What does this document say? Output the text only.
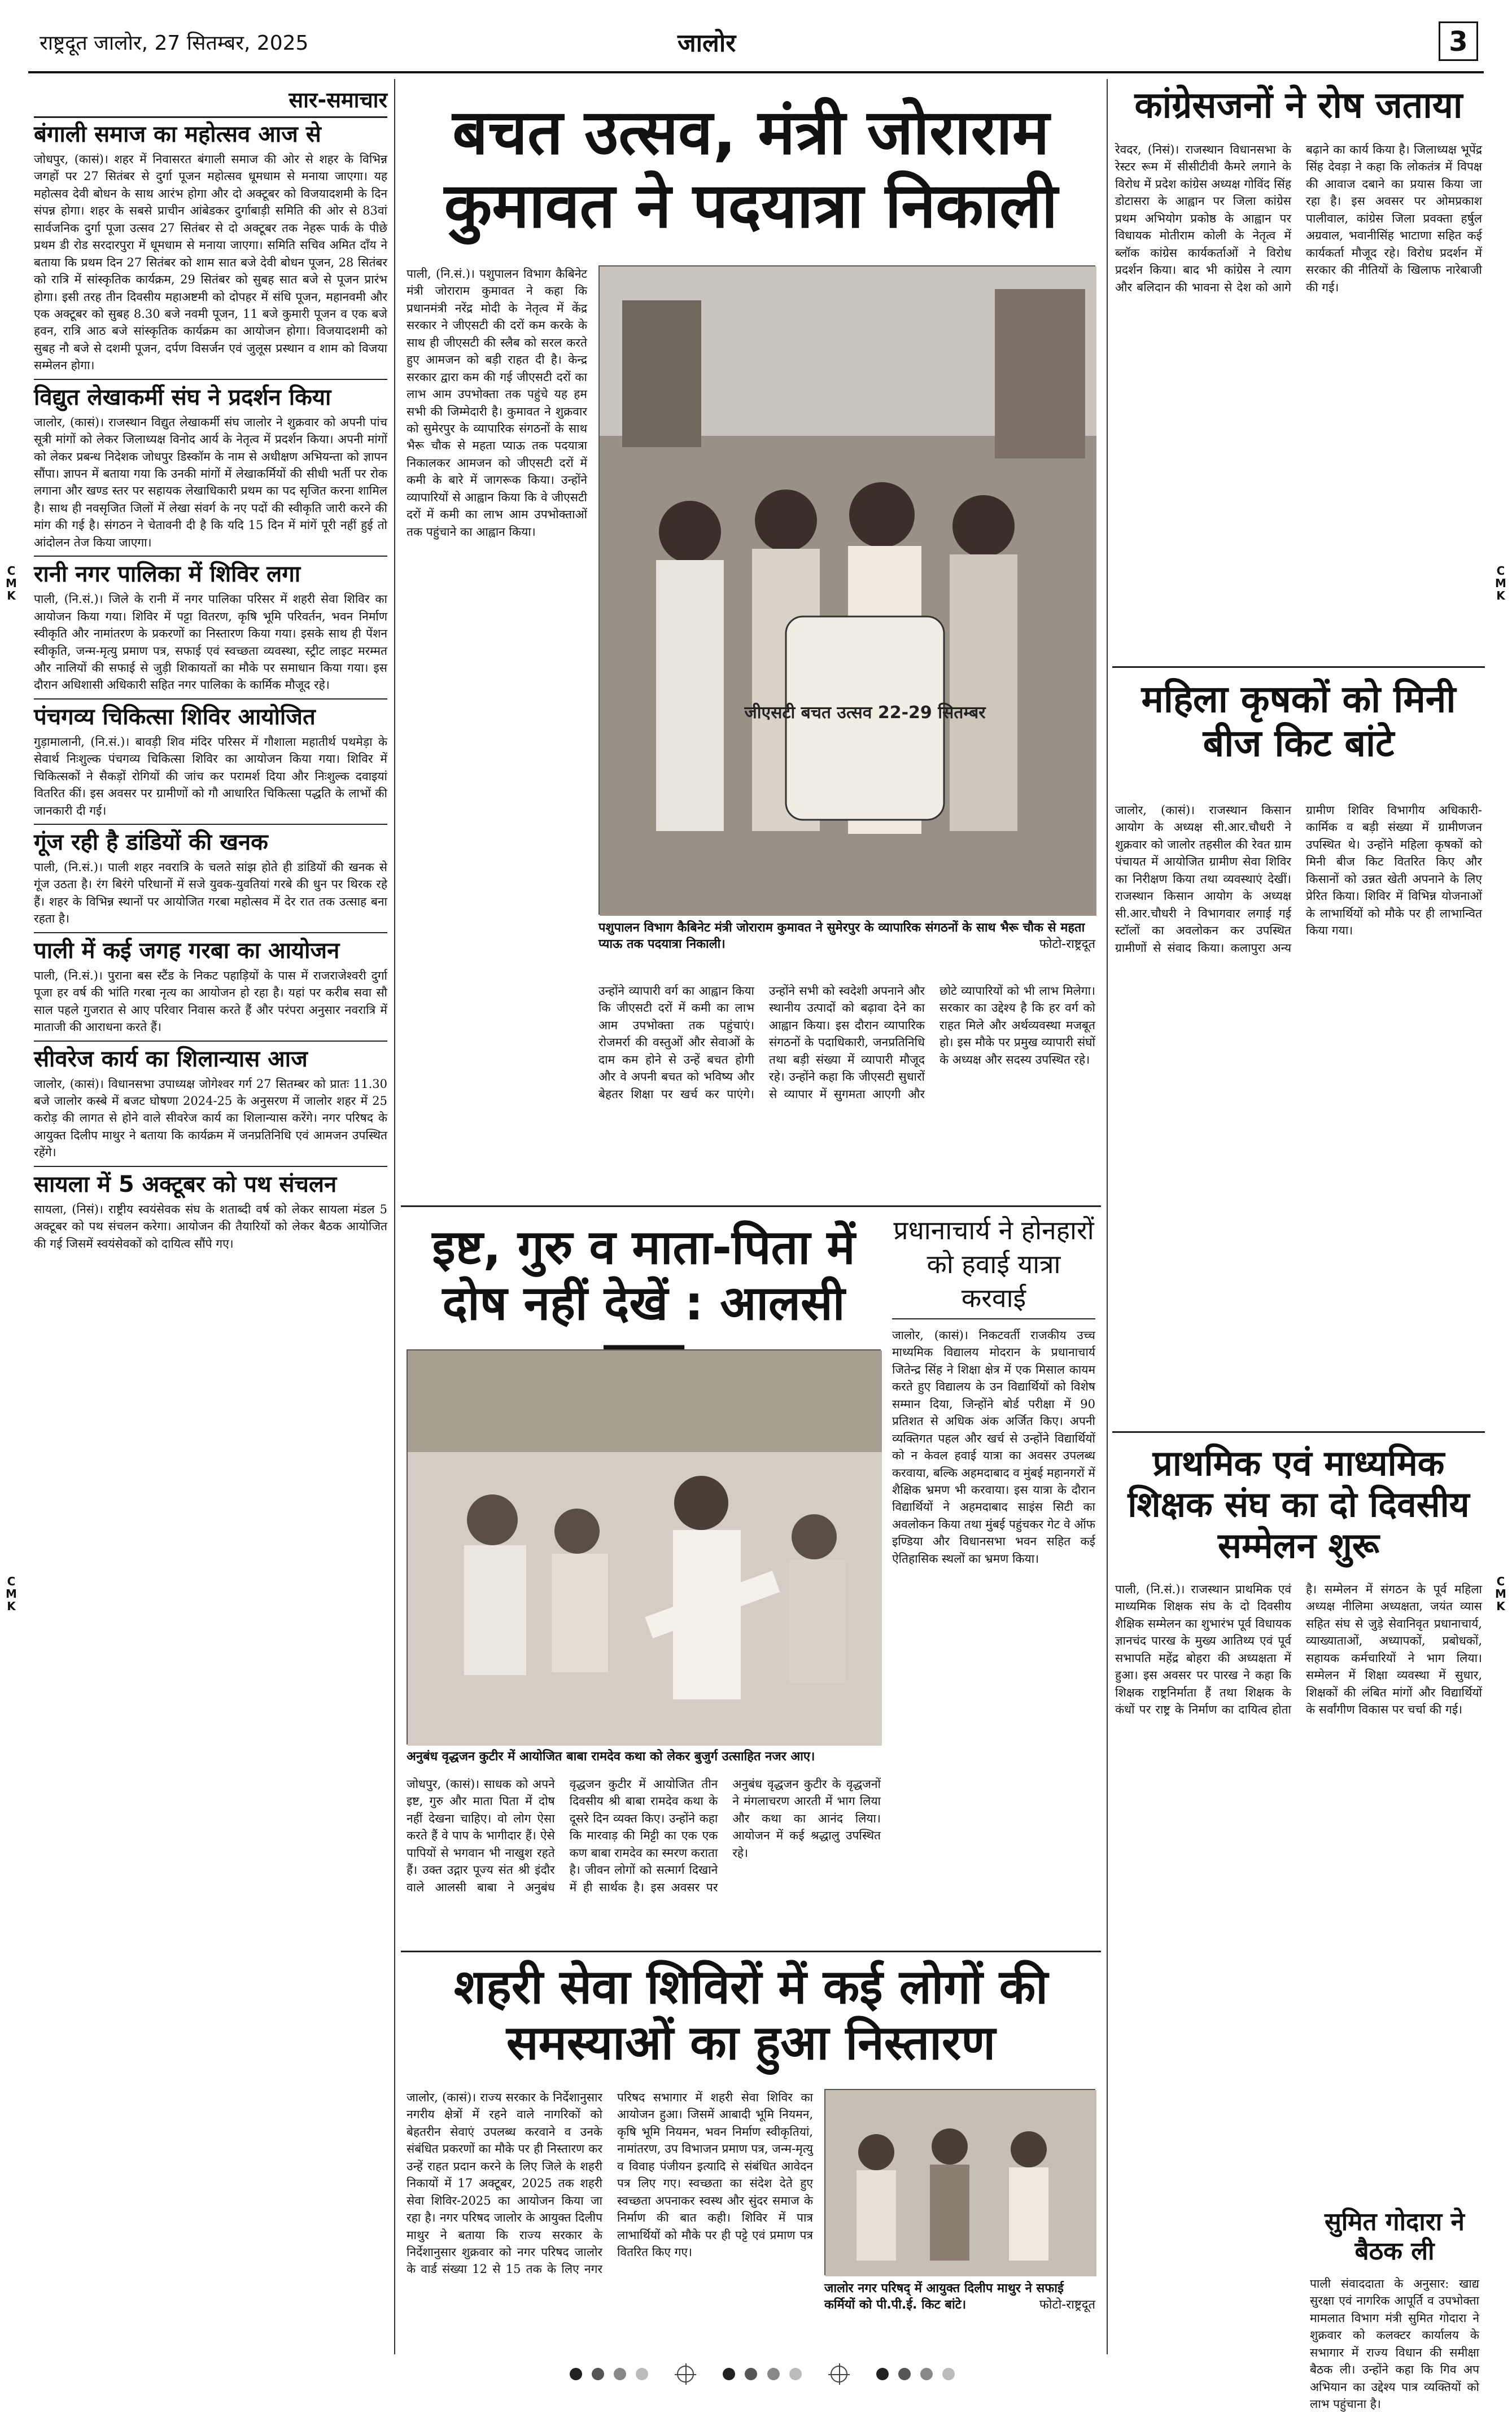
राष्ट्रदूत जालोर, 27 सितम्बर, 2025	जालोर	3
C
M
K
C
M
K
C
M
K
C
M
K
सार-समाचार
बंगाली समाज का महोत्सव आज से
जोधपुर, (कासं)। शहर में निवासरत बंगाली समाज की ओर से शहर के विभिन्न जगहों पर 27 सितंबर से दुर्गा पूजन महोत्सव धूमधाम से मनाया जाएगा। यह महोत्सव देवी बोधन के साथ आरंभ होगा और दो अक्टूबर को विजयादशमी के दिन संपन्न होगा। शहर के सबसे प्राचीन आंबेडकर दुर्गाबाड़ी समिति की ओर से 83वां सार्वजनिक दुर्गा पूजा उत्सव 27 सितंबर से दो अक्टूबर तक नेहरू पार्क के पीछे प्रथम डी रोड सरदारपुरा में धूमधाम से मनाया जाएगा। समिति सचिव अमित दाँय ने बताया कि प्रथम दिन 27 सितंबर को शाम सात बजे देवी बोधन पूजन, 28 सितंबर को रात्रि में सांस्कृतिक कार्यक्रम, 29 सितंबर को सुबह सात बजे से पूजन प्रारंभ होगा। इसी तरह तीन दिवसीय महाअष्टमी को दोपहर में संधि पूजन, महानवमी और एक अक्टूबर को सुबह 8.30 बजे नवमी पूजन, 11 बजे कुमारी पूजन व एक बजे हवन, रात्रि आठ बजे सांस्कृतिक कार्यक्रम का आयोजन होगा। विजयादशमी को सुबह नौ बजे से दशमी पूजन, दर्पण विसर्जन एवं जुलूस प्रस्थान व शाम को विजया सम्मेलन होगा।
विद्युत लेखाकर्मी संघ ने प्रदर्शन किया
जालोर, (कासं)। राजस्थान विद्युत लेखाकर्मी संघ जालोर ने शुक्रवार को अपनी पांच सूत्री मांगों को लेकर जिलाध्यक्ष विनोद आर्य के नेतृत्व में प्रदर्शन किया। अपनी मांगों को लेकर प्रबन्ध निदेशक जोधपुर डिस्कॉम के नाम से अधीक्षण अभियन्ता को ज्ञापन सौंपा। ज्ञापन में बताया गया कि उनकी मांगों में लेखाकर्मियों की सीधी भर्ती पर रोक लगाना और खण्ड स्तर पर सहायक लेखाधिकारी प्रथम का पद सृजित करना शामिल है। साथ ही नवसृजित जिलों में लेखा संवर्ग के नए पदों की स्वीकृति जारी करने की मांग की गई है। संगठन ने चेतावनी दी है कि यदि 15 दिन में मांगें पूरी नहीं हुई तो आंदोलन तेज किया जाएगा।
रानी नगर पालिका में शिविर लगा
पाली, (नि.सं.)। जिले के रानी में नगर पालिका परिसर में शहरी सेवा शिविर का आयोजन किया गया। शिविर में पट्टा वितरण, कृषि भूमि परिवर्तन, भवन निर्माण स्वीकृति और नामांतरण के प्रकरणों का निस्तारण किया गया। इसके साथ ही पेंशन स्वीकृति, जन्म-मृत्यु प्रमाण पत्र, सफाई एवं स्वच्छता व्यवस्था, स्ट्रीट लाइट मरम्मत और नालियों की सफाई से जुड़ी शिकायतों का मौके पर समाधान किया गया। इस दौरान अधिशासी अधिकारी सहित नगर पालिका के कार्मिक मौजूद रहे।
पंचगव्य चिकित्सा शिविर आयोजित
गुड़ामालानी, (नि.सं.)। बावड़ी शिव मंदिर परिसर में गौशाला महातीर्थ पथमेड़ा के सेवार्थ निःशुल्क पंचगव्य चिकित्सा शिविर का आयोजन किया गया। शिविर में चिकित्सकों ने सैकड़ों रोगियों की जांच कर परामर्श दिया और निःशुल्क दवाइयां वितरित कीं। इस अवसर पर ग्रामीणों को गौ आधारित चिकित्सा पद्धति के लाभों की जानकारी दी गई।
गूंज रही है डांडियों की खनक
पाली, (नि.सं.)। पाली शहर नवरात्रि के चलते सांझ होते ही डांडियों की खनक से गूंज उठता है। रंग बिरंगे परिधानों में सजे युवक-युवतियां गरबे की धुन पर थिरक रहे हैं। शहर के विभिन्न स्थानों पर आयोजित गरबा महोत्सव में देर रात तक उत्साह बना रहता है।
पाली में कई जगह गरबा का आयोजन
पाली, (नि.सं.)। पुराना बस स्टैंड के निकट पहाड़ियों के पास में राजराजेश्वरी दुर्गा पूजा हर वर्ष की भांति गरबा नृत्य का आयोजन हो रहा है। यहां पर करीब सवा सौ साल पहले गुजरात से आए परिवार निवास करते हैं और परंपरा अनुसार नवरात्रि में माताजी की आराधना करते हैं।
सीवरेज कार्य का शिलान्यास आज
जालोर, (कासं)। विधानसभा उपाध्यक्ष जोगेश्वर गर्ग 27 सितम्बर को प्रातः 11.30 बजे जालोर कस्बे में बजट घोषणा 2024-25 के अनुसरण में जालोर शहर में 25 करोड़ की लागत से होने वाले सीवरेज कार्य का शिलान्यास करेंगे। नगर परिषद के आयुक्त दिलीप माथुर ने बताया कि कार्यक्रम में जनप्रतिनिधि एवं आमजन उपस्थित रहेंगे।
सायला में 5 अक्टूबर को पथ संचलन
सायला, (निसं)। राष्ट्रीय स्वयंसेवक संघ के शताब्दी वर्ष को लेकर सायला मंडल 5 अक्टूबर को पथ संचलन करेगा। आयोजन की तैयारियों को लेकर बैठक आयोजित की गई जिसमें स्वयंसेवकों को दायित्व सौंपे गए।
बचत उत्सव, मंत्री जोराराम कुमावत ने पदयात्रा निकाली
पाली, (नि.सं.)। पशुपालन विभाग कैबिनेट मंत्री जोराराम कुमावत ने कहा कि प्रधानमंत्री नरेंद्र मोदी के नेतृत्व में केंद्र सरकार ने जीएसटी की दरों कम करके के साथ ही जीएसटी की स्लैब को सरल करते हुए आमजन को बड़ी राहत दी है। केन्द्र सरकार द्वारा कम की गई जीएसटी दरों का लाभ आम उपभोक्ता तक पहुंचे यह हम सभी की जिम्मेदारी है। कुमावत ने शुक्रवार को सुमेरपुर के व्यापारिक संगठनों के साथ भैरू चौक से महता प्याऊ तक पदयात्रा निकालकर आमजन को जीएसटी दरों में कमी के बारे में जागरूक किया। उन्होंने व्यापारियों से आह्वान किया कि वे जीएसटी दरों में कमी का लाभ आम उपभोक्ताओं तक पहुंचाने का आह्वान किया।
जीएसटी बचत उत्सव 22-29 सितम्बर
पशुपालन विभाग कैबिनेट मंत्री जोराराम कुमावत ने सुमेरपुर के व्यापारिक संगठनों के साथ भैरू चौक से महता प्याऊ तक पदयात्रा निकाली।	फोटो-राष्ट्रदूत
उन्होंने व्यापारी वर्ग का आह्वान किया कि जीएसटी दरों में कमी का लाभ आम उपभोक्ता तक पहुंचाएं। रोजमर्रा की वस्तुओं और सेवाओं के दाम कम होने से उन्हें बचत होगी और वे अपनी बचत को भविष्य और बेहतर शिक्षा पर खर्च कर पाएंगे। उन्होंने सभी को स्वदेशी अपनाने और स्थानीय उत्पादों को बढ़ावा देने का आह्वान किया। इस दौरान व्यापारिक संगठनों के पदाधिकारी, जनप्रतिनिधि तथा बड़ी संख्या में व्यापारी मौजूद रहे। उन्होंने कहा कि जीएसटी सुधारों से व्यापार में सुगमता आएगी और छोटे व्यापारियों को भी लाभ मिलेगा। सरकार का उद्देश्य है कि हर वर्ग को राहत मिले और अर्थव्यवस्था मजबूत हो। इस मौके पर प्रमुख व्यापारी संघों के अध्यक्ष और सदस्य उपस्थित रहे।
प्रधानाचार्य ने होनहारों को हवाई यात्रा करवाई
जालोर, (कासं)। निकटवर्ती राजकीय उच्च माध्यमिक विद्यालय मोदरान के प्रधानाचार्य जितेन्द्र सिंह ने शिक्षा क्षेत्र में एक मिसाल कायम करते हुए विद्यालय के उन विद्यार्थियों को विशेष सम्मान दिया, जिन्होंने बोर्ड परीक्षा में 90 प्रतिशत से अधिक अंक अर्जित किए। अपनी व्यक्तिगत पहल और खर्च से उन्होंने विद्यार्थियों को न केवल हवाई यात्रा का अवसर उपलब्ध करवाया, बल्कि अहमदाबाद व मुंबई महानगरों में शैक्षिक भ्रमण भी करवाया। इस यात्रा के दौरान विद्यार्थियों ने अहमदाबाद साइंस सिटी का अवलोकन किया तथा मुंबई पहुंचकर गेट वे ऑफ इण्डिया और विधानसभा भवन सहित कई ऐतिहासिक स्थलों का भ्रमण किया।
इष्ट, गुरु व माता-पिता में दोष नहीं देखें : आलसी
अनुबंध वृद्धजन कुटीर में आयोजित बाबा रामदेव कथा को लेकर बुजुर्ग उत्साहित नजर आए।
जोधपुर, (कासं)। साधक को अपने इष्ट, गुरु और माता पिता में दोष नहीं देखना चाहिए। वो लोग ऐसा करते हैं वे पाप के भागीदार हैं। ऐसे पापियों से भगवान भी नाखुश रहते हैं। उक्त उद्गार पूज्य संत श्री इंदौर वाले आलसी बाबा ने अनुबंध वृद्धजन कुटीर में आयोजित तीन दिवसीय श्री बाबा रामदेव कथा के दूसरे दिन व्यक्त किए। उन्होंने कहा कि मारवाड़ की मिट्टी का एक एक कण बाबा रामदेव का स्मरण कराता है। जीवन लोगों को सत्मार्ग दिखाने में ही सार्थक है। इस अवसर पर अनुबंध वृद्धजन कुटीर के वृद्धजनों ने मंगलाचरण आरती में भाग लिया और कथा का आनंद लिया। आयोजन में कई श्रद्धालु उपस्थित रहे।
शहरी सेवा शिविरों में कई लोगों की समस्याओं का हुआ निस्तारण
जालोर, (कासं)। राज्य सरकार के निर्देशानुसार नगरीय क्षेत्रों में रहने वाले नागरिकों को बेहतरीन सेवाएं उपलब्ध करवाने व उनके संबंधित प्रकरणों का मौके पर ही निस्तारण कर उन्हें राहत प्रदान करने के लिए जिले के शहरी निकायों में 17 अक्टूबर, 2025 तक शहरी सेवा शिविर-2025 का आयोजन किया जा रहा है। नगर परिषद जालोर के आयुक्त दिलीप माथुर ने बताया कि राज्य सरकार के निर्देशानुसार शुक्रवार को नगर परिषद जालोर के वार्ड संख्या 12 से 15 तक के लिए नगर परिषद सभागार में शहरी सेवा शिविर का आयोजन हुआ। जिसमें आबादी भूमि नियमन, कृषि भूमि नियमन, भवन निर्माण स्वीकृतियां, नामांतरण, उप विभाजन प्रमाण पत्र, जन्म-मृत्यु व विवाह पंजीयन इत्यादि से संबंधित आवेदन पत्र लिए गए। स्वच्छता का संदेश देते हुए स्वच्छता अपनाकर स्वस्थ और सुंदर समाज के निर्माण की बात कही। शिविर में पात्र लाभार्थियों को मौके पर ही पट्टे एवं प्रमाण पत्र वितरित किए गए।
जालोर नगर परिषद् में आयुक्त दिलीप माथुर ने सफाई कर्मियों को पी.पी.ई. किट बांटे।	फोटो-राष्ट्रदूत
कांग्रेसजनों ने रोष जताया
रेवदर, (निसं)। राजस्थान विधानसभा के रेस्टर रूम में सीसीटीवी कैमरे लगाने के विरोध में प्रदेश कांग्रेस अध्यक्ष गोविंद सिंह डोटासरा के आह्वान पर जिला कांग्रेस प्रथम अभियोग प्रकोष्ठ के आह्वान पर विधायक मोतीराम कोली के नेतृत्व में ब्लॉक कांग्रेस कार्यकर्ताओं ने विरोध प्रदर्शन किया। बाद भी कांग्रेस ने त्याग और बलिदान की भावना से देश को आगे बढ़ाने का कार्य किया है। जिलाध्यक्ष भूपेंद्र सिंह देवड़ा ने कहा कि लोकतंत्र में विपक्ष की आवाज दबाने का प्रयास किया जा रहा है। इस अवसर पर ओमप्रकाश पालीवाल, कांग्रेस जिला प्रवक्ता हर्षुल अग्रवाल, भवानीसिंह भाटाणा सहित कई कार्यकर्ता मौजूद रहे। विरोध प्रदर्शन में सरकार की नीतियों के खिलाफ नारेबाजी की गई।
महिला कृषकों को मिनी बीज किट बांटे
जालोर, (कासं)। राजस्थान किसान आयोग के अध्यक्ष सी.आर.चौधरी ने शुक्रवार को जालोर तहसील की रेवत ग्राम पंचायत में आयोजित ग्रामीण सेवा शिविर का निरीक्षण किया तथा व्यवस्थाएं देखीं। राजस्थान किसान आयोग के अध्यक्ष सी.आर.चौधरी ने विभागवार लगाई गई स्टॉलों का अवलोकन कर उपस्थित ग्रामीणों से संवाद किया। कलापुरा अन्य ग्रामीण शिविर विभागीय अधिकारी-कार्मिक व बड़ी संख्या में ग्रामीणजन उपस्थित थे। उन्होंने महिला कृषकों को मिनी बीज किट वितरित किए और किसानों को उन्नत खेती अपनाने के लिए प्रेरित किया। शिविर में विभिन्न योजनाओं के लाभार्थियों को मौके पर ही लाभान्वित किया गया।
प्राथमिक एवं माध्यमिक शिक्षक संघ का दो दिवसीय सम्मेलन शुरू
पाली, (नि.सं.)। राजस्थान प्राथमिक एवं माध्यमिक शिक्षक संघ के दो दिवसीय शैक्षिक सम्मेलन का शुभारंभ पूर्व विधायक ज्ञानचंद पारख के मुख्य आतिथ्य एवं पूर्व सभापति महेंद्र बोहरा की अध्यक्षता में हुआ। इस अवसर पर पारख ने कहा कि शिक्षक राष्ट्रनिर्माता हैं तथा शिक्षक के कंधों पर राष्ट्र के निर्माण का दायित्व होता है। सम्मेलन में संगठन के पूर्व महिला अध्यक्ष नीलिमा अध्यक्षता, जयंत व्यास सहित संघ से जुड़े सेवानिवृत प्रधानाचार्य, व्याख्याताओं, अध्यापकों, प्रबोधकों, सहायक कर्मचारियों ने भाग लिया। सम्मेलन में शिक्षा व्यवस्था में सुधार, शिक्षकों की लंबित मांगों और विद्यार्थियों के सर्वांगीण विकास पर चर्चा की गई।
सुमित गोदारा ने बैठक ली
पाली संवाददाता के अनुसार: खाद्य सुरक्षा एवं नागरिक आपूर्ति व उपभोक्ता मामलात विभाग मंत्री सुमित गोदारा ने शुक्रवार को कलक्टर कार्यालय के सभागार में राज्य विधान की समीक्षा बैठक ली। उन्होंने कहा कि गिव अप अभियान का उद्देश्य पात्र व्यक्तियों को लाभ पहुंचाना है।
